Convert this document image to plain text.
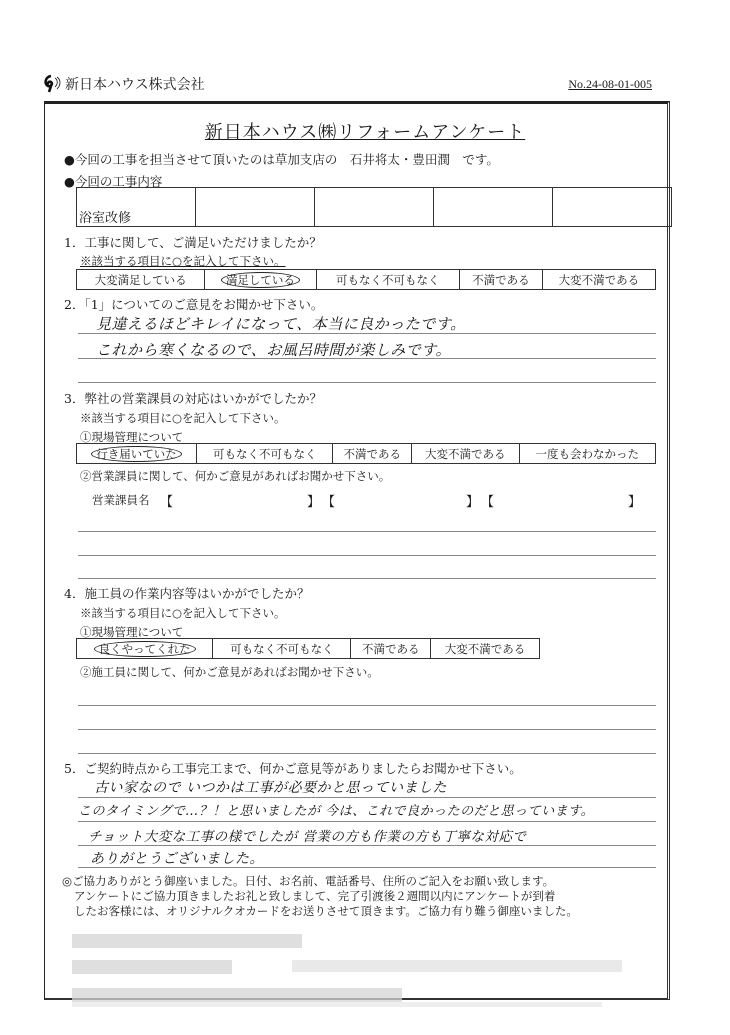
新日本ハウス株式会社	No.24-08-01-005
新日本ハウス㈱リフォームアンケート
●今回の工事を担当させて頂いたのは草加支店の　石井将太・豊田潤　です。
●今回の工事内容
浴室改修				
1．工事に関して、ご満足いただけましたか？
※該当する項目に○を記入して下さい。
大変満足している	満足している	可もなく不可もなく	不満である	大変不満である
2．「1」についてのご意見をお聞かせ下さい。
見違えるほどキレイになって、本当に良かったです。
これから寒くなるので、お風呂時間が楽しみです。
3．弊社の営業課員の対応はいかがでしたか？
※該当する項目に○を記入して下さい。
①現場管理について
行き届いていた	可もなく不可もなく	不満である	大変不満である	一度も会わなかった
②営業課員に関して、何かご意見があればお聞かせ下さい。
営業課員名 【	】 【	】 【	】
4．施工員の作業内容等はいかがでしたか？
※該当する項目に○を記入して下さい。
①現場管理について
良くやってくれた	可もなく不可もなく	不満である	大変不満である
②施工員に関して、何かご意見があればお聞かせ下さい。
5．ご契約時点から工事完工まで、何かご意見等がありましたらお聞かせ下さい。
古い家なので いつかは工事が必要かと思っていました
このタイミングで…？！と思いましたが 今は、これで良かったのだと思っています。
チョット大変な工事の様でしたが 営業の方も作業の方も丁寧な対応で
ありがとうございました。
◎ご協力ありがとう御座いました。日付、お名前、電話番号、住所のご記入をお願い致します。
アンケートにご協力頂きましたお礼と致しまして、完了引渡後２週間以内にアンケートが到着
したお客様には、オリジナルクオカードをお送りさせて頂きます。ご協力有り難う御座いました。
